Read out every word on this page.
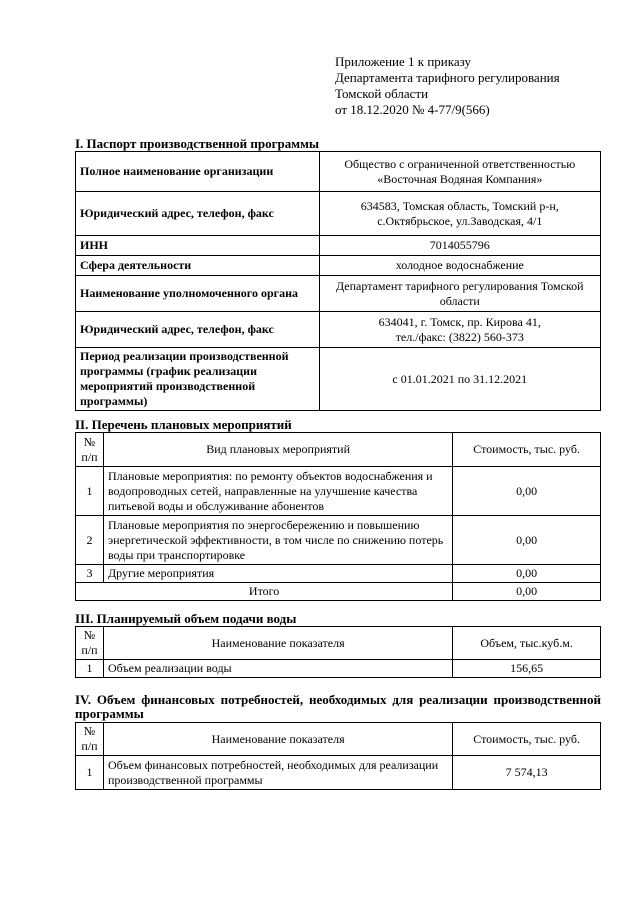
Приложение 1 к приказу
Департамента тарифного регулирования
Томской области
от 18.12.2020 № 4-77/9(566)
I. Паспорт производственной программы
Полное наименование организации	Общество с ограниченной ответственностью
«Восточная Водяная Компания»
Юридический адрес, телефон, факс	634583, Томская область, Томский р-н,
с.Октябрьское, ул.Заводская, 4/1
ИНН	7014055796
Сфера деятельности	холодное водоснабжение
Наименование уполномоченного органа	Департамент тарифного регулирования Томской
области
Юридический адрес, телефон, факс	634041, г. Томск, пр. Кирова 41,
тел./факс: (3822) 560-373
Период реализации производственной программы (график реализации мероприятий производственной программы)	с 01.01.2021 по 31.12.2021
II. Перечень плановых мероприятий
№ п/п	Вид плановых мероприятий	Стоимость, тыс. руб.
1	Плановые мероприятия: по ремонту объектов водоснабжения и водопроводных сетей, направленные на улучшение качества питьевой воды и обслуживание абонентов	0,00
2	Плановые мероприятия по энергосбережению и повышению энергетической эффективности, в том числе по снижению потерь воды при транспортировке	0,00
3	Другие мероприятия	0,00
Итого		0,00
III. Планируемый объем подачи воды
№ п/п	Наименование показателя	Объем, тыс.куб.м.
1	Объем реализации воды	156,65
IV. Объем финансовых потребностей, необходимых для реализации производственной программы
№ п/п	Наименование показателя	Стоимость, тыс. руб.
1	Объем финансовых потребностей, необходимых для реализации производственной программы	7 574,13
